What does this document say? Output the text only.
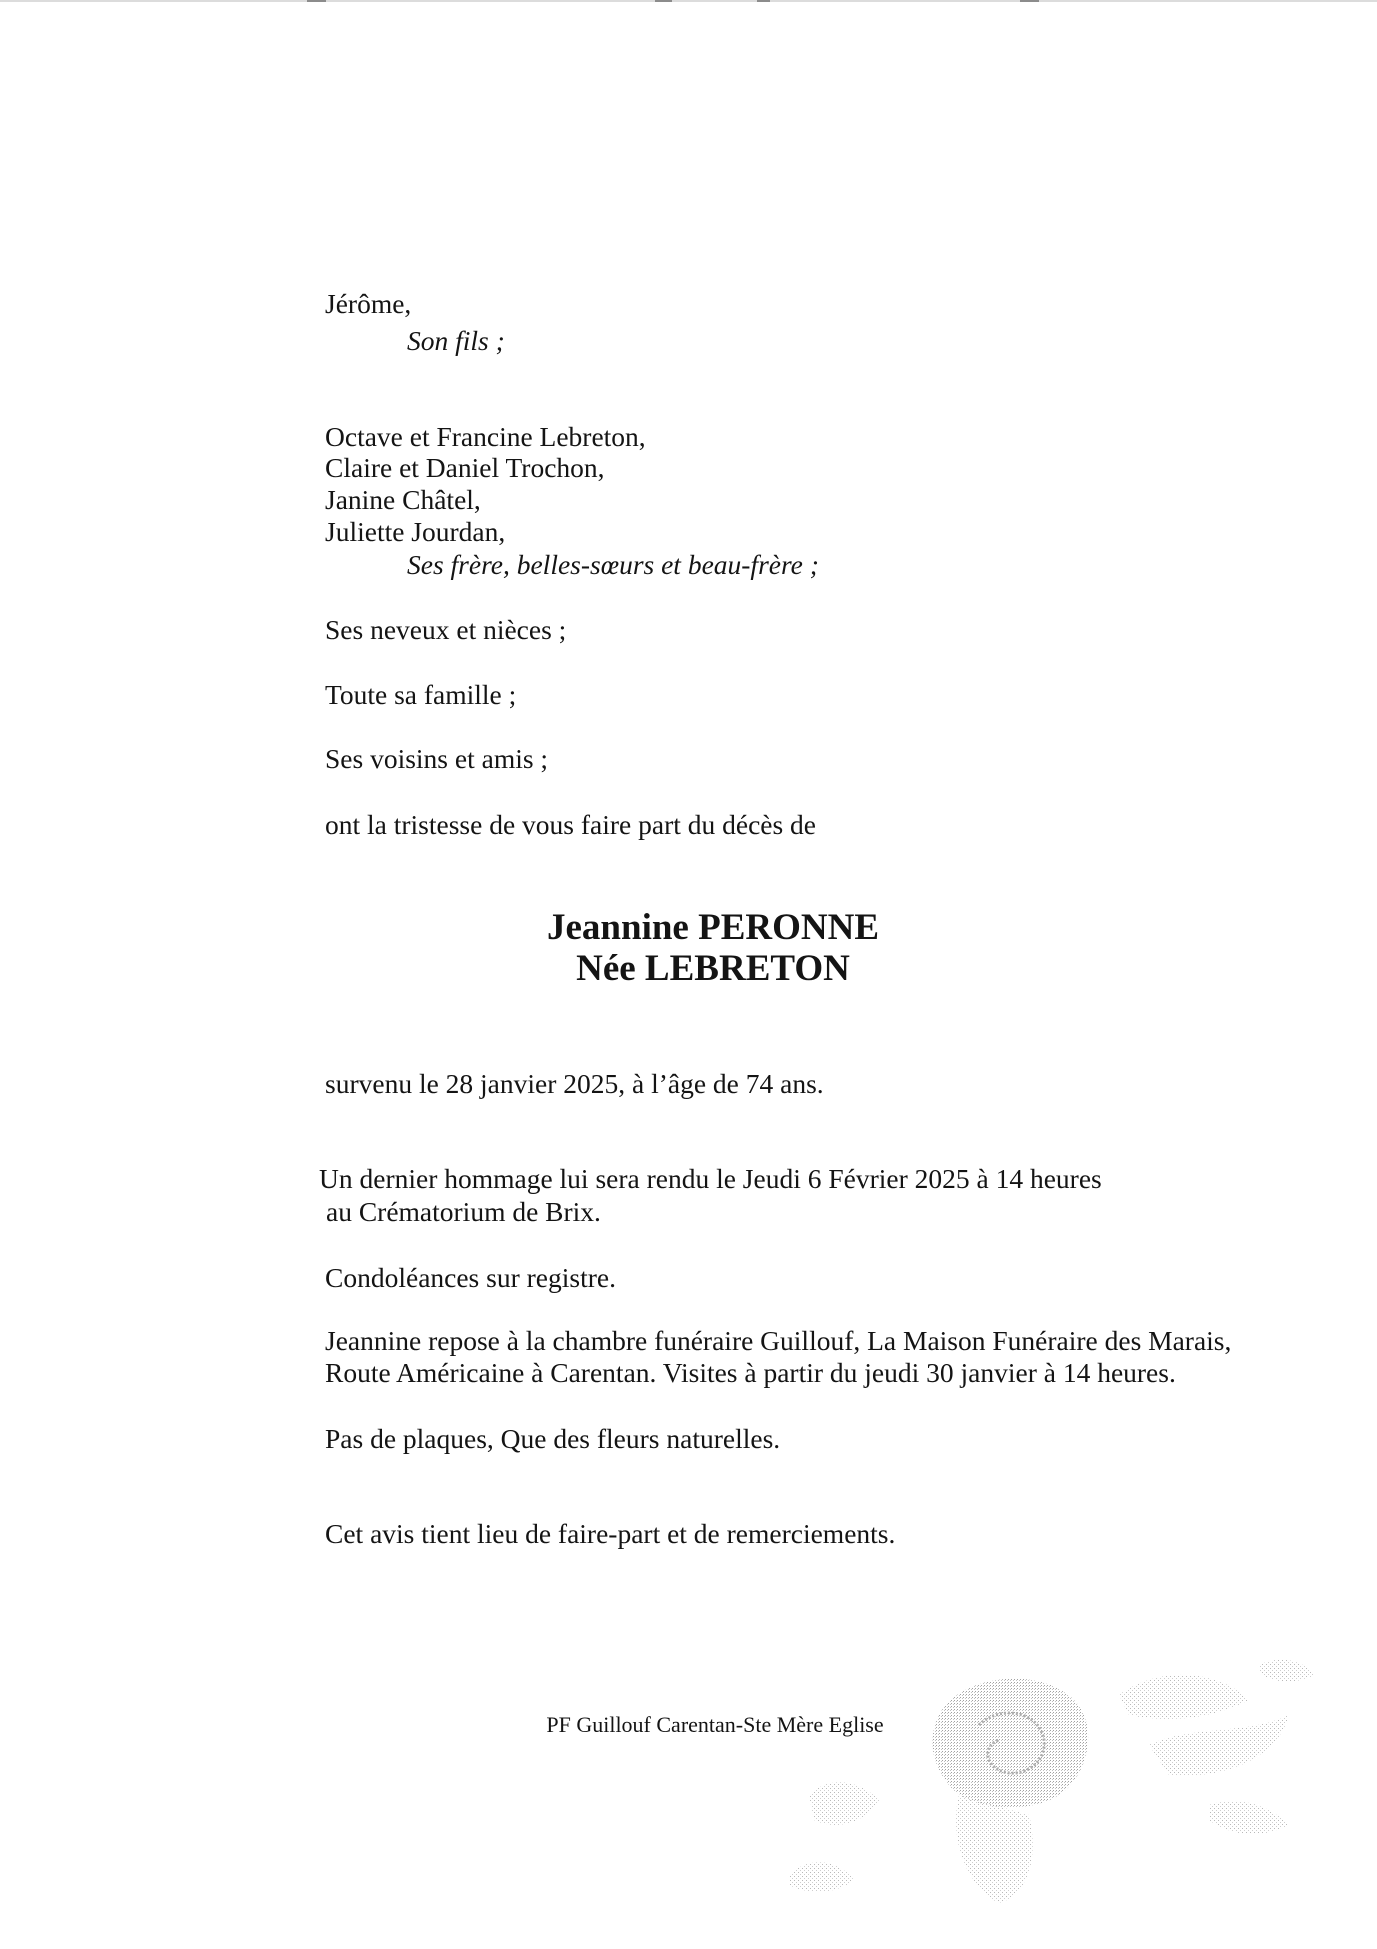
Jérôme,
Son fils ;
Octave et Francine Lebreton,
Claire et Daniel Trochon,
Janine Châtel,
Juliette Jourdan,
Ses frère, belles-sœurs et beau-frère ;
Ses neveux et nièces ;
Toute sa famille ;
Ses voisins et amis ;
ont la tristesse de vous faire part du décès de
Jeannine PERONNE
Née LEBRETON
survenu le 28 janvier 2025, à l’âge de 74 ans.
Un dernier hommage lui sera rendu le Jeudi 6 Février 2025 à 14 heures
au Crématorium de Brix.
Condoléances sur registre.
Jeannine repose à la chambre funéraire Guillouf, La Maison Funéraire des Marais,
Route Américaine à Carentan. Visites à partir du jeudi 30 janvier à 14 heures.
Pas de plaques, Que des fleurs naturelles.
Cet avis tient lieu de faire-part et de remerciements.
PF Guillouf Carentan-Ste Mère Eglise
